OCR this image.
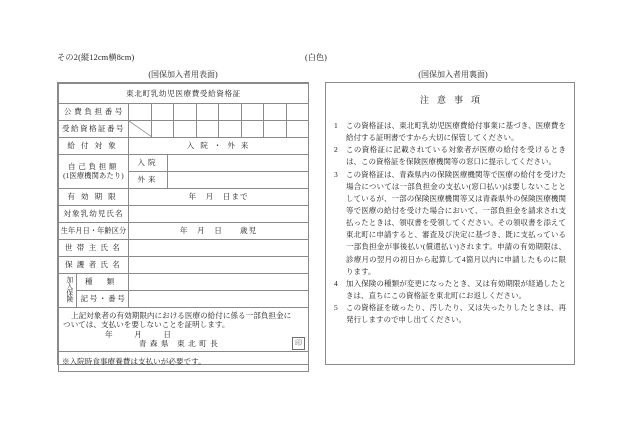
その2(縦12cm横8cm)	(白色)
(国保加入者用表面)	(国保加入者用裏面)
東北町乳幼児医療費受給資格証		
公費負担番号		

受給資格証番号	

給付対象		入 院 ・ 外 来

自己負担額
(1医療機関あたり)		入院

		外来

有効期限		年　月　日まで
対象乳幼児氏名		
生年月日・年齢区分		年　月　日　　歳児
世帯主氏名		
保護者氏名		
加入保険	種類	
	記号・番号	

上記対象者の有効期限内における医療の給付に係る一部負担金に

ついては、支払いを要しないことを証明します。

年　月　日

青森県 東北町長 印		

※入院時食事療養費は支払いが必要です。		
注意事項
1 この資格証は、東北町乳幼児医療費給付事業に基づき、医療費を給付する証明書ですから大切に保管してください。
2 この資格証に記載されている対象者が医療の給付を受けるときは、この資格証を保険医療機関等の窓口に提示してください。
3 この資格証は、青森県内の保険医療機関等で医療の給付を受けた場合については一部負担金の支払い(窓口払い)は要しないこととしているが、一部の保険医療機関等又は青森県外の保険医療機関等で医療の給付を受けた場合において、一部負担金を請求され支払ったときは、領収書を受領してください。その領収書を添えて東北町に申請すると、審査及び決定に基づき、既に支払っている一部負担金が事後払い(償還払い)されます。申請の有効期限は、診療月の翌月の初日から起算して4箇月以内に申請したものに限ります。
4 加入保険の種類が変更になったとき、又は有効期限が経過したときは、直ちにこの資格証を東北町にお返しください。
5 この資格証を破ったり、汚したり、又は失ったりしたときは、再発行しますので申し出てください。
